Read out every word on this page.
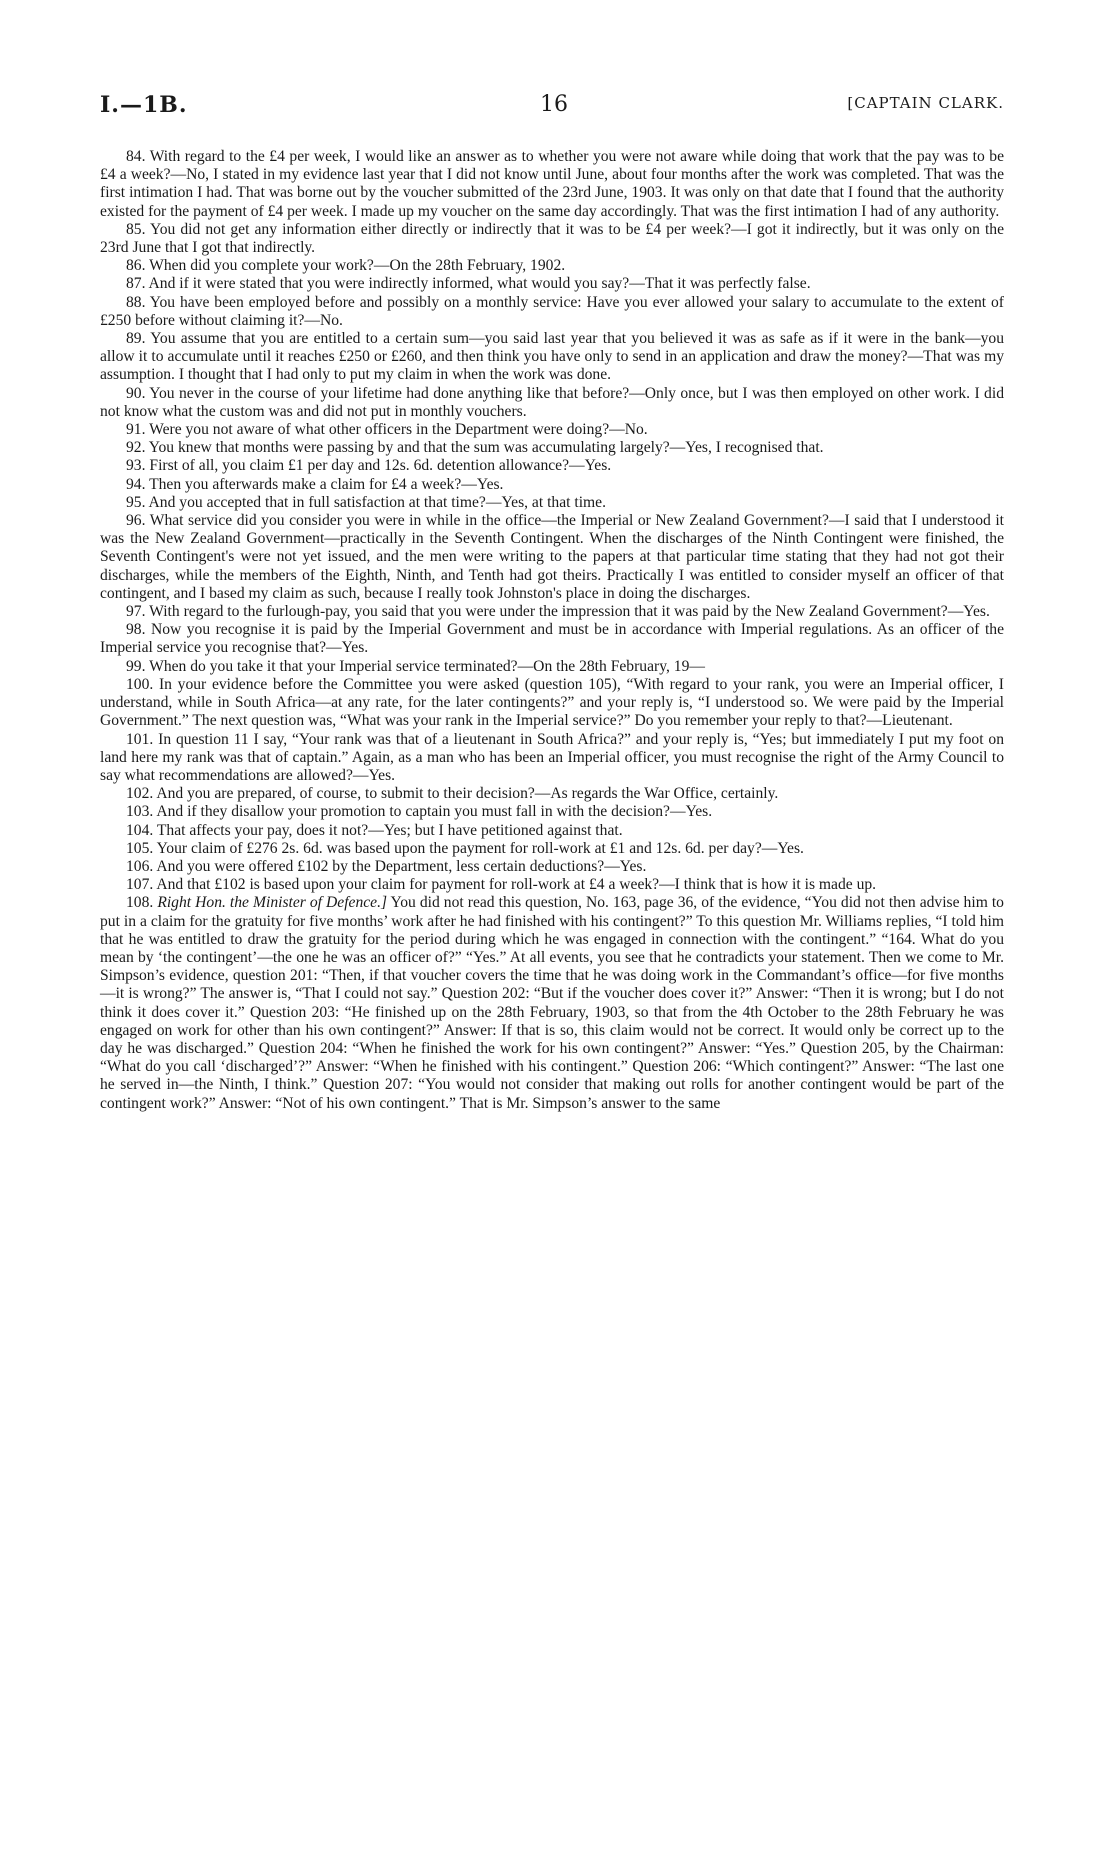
I.—1B.	16	[CAPTAIN CLARK.

84. With regard to the £4 per week, I would like an answer as to whether you were not aware while doing that work that the pay was to be £4 a week?—No, I stated in my evidence last year that I did not know until June, about four months after the work was completed. That was the first intimation I had. That was borne out by the voucher submitted of the 23rd June, 1903. It was only on that date that I found that the authority existed for the payment of £4 per week. I made up my voucher on the same day accordingly. That was the first intimation I had of any authority.

85. You did not get any information either directly or indirectly that it was to be £4 per week?—I got it indirectly, but it was only on the 23rd June that I got that indirectly.

86. When did you complete your work?—On the 28th February, 1902.

87. And if it were stated that you were indirectly informed, what would you say?—That it was perfectly false.

88. You have been employed before and possibly on a monthly service: Have you ever allowed your salary to accumulate to the extent of £250 before without claiming it?—No.

89. You assume that you are entitled to a certain sum—you said last year that you believed it was as safe as if it were in the bank—you allow it to accumulate until it reaches £250 or £260, and then think you have only to send in an application and draw the money?—That was my assumption. I thought that I had only to put my claim in when the work was done.

90. You never in the course of your lifetime had done anything like that before?—Only once, but I was then employed on other work. I did not know what the custom was and did not put in monthly vouchers.

91. Were you not aware of what other officers in the Department were doing?—No.

92. You knew that months were passing by and that the sum was accumulating largely?—Yes, I recognised that.

93. First of all, you claim £1 per day and 12s. 6d. detention allowance?—Yes.

94. Then you afterwards make a claim for £4 a week?—Yes.

95. And you accepted that in full satisfaction at that time?—Yes, at that time.

96. What service did you consider you were in while in the office—the Imperial or New Zealand Government?—I said that I understood it was the New Zealand Government—practically in the Seventh Contingent. When the discharges of the Ninth Contingent were finished, the Seventh Contingent's were not yet issued, and the men were writing to the papers at that particular time stating that they had not got their discharges, while the members of the Eighth, Ninth, and Tenth had got theirs. Practically I was entitled to consider myself an officer of that contingent, and I based my claim as such, because I really took Johnston's place in doing the discharges.

97. With regard to the furlough-pay, you said that you were under the impression that it was paid by the New Zealand Government?—Yes.

98. Now you recognise it is paid by the Imperial Government and must be in accordance with Imperial regulations. As an officer of the Imperial service you recognise that?—Yes.

99. When do you take it that your Imperial service terminated?—On the 28th February, 19—

100. In your evidence before the Committee you were asked (question 105), “With regard to your rank, you were an Imperial officer, I understand, while in South Africa—at any rate, for the later contingents?” and your reply is, “I understood so. We were paid by the Imperial Government.” The next question was, “What was your rank in the Imperial service?” Do you remember your reply to that?—Lieutenant.

101. In question 11 I say, “Your rank was that of a lieutenant in South Africa?” and your reply is, “Yes; but immediately I put my foot on land here my rank was that of captain.” Again, as a man who has been an Imperial officer, you must recognise the right of the Army Council to say what recommendations are allowed?—Yes.

102. And you are prepared, of course, to submit to their decision?—As regards the War Office, certainly.

103. And if they disallow your promotion to captain you must fall in with the decision?—Yes.

104. That affects your pay, does it not?—Yes; but I have petitioned against that.

105. Your claim of £276 2s. 6d. was based upon the payment for roll-work at £1 and 12s. 6d. per day?—Yes.

106. And you were offered £102 by the Department, less certain deductions?—Yes.

107. And that £102 is based upon your claim for payment for roll-work at £4 a week?—I think that is how it is made up.

108. Right Hon. the Minister of Defence.] You did not read this question, No. 163, page 36, of the evidence, “You did not then advise him to put in a claim for the gratuity for five months’ work after he had finished with his contingent?” To this question Mr. Williams replies, “I told him that he was entitled to draw the gratuity for the period during which he was engaged in connection with the contingent.” “164. What do you mean by ‘the contingent’—the one he was an officer of?” “Yes.” At all events, you see that he contradicts your statement. Then we come to Mr. Simpson’s evidence, question 201: “Then, if that voucher covers the time that he was doing work in the Commandant’s office—for five months—it is wrong?” The answer is, “That I could not say.” Question 202: “But if the voucher does cover it?” Answer: “Then it is wrong; but I do not think it does cover it.” Question 203: “He finished up on the 28th February, 1903, so that from the 4th October to the 28th February he was engaged on work for other than his own contingent?” Answer: If that is so, this claim would not be correct. It would only be correct up to the day he was discharged.” Question 204: “When he finished the work for his own contingent?” Answer: “Yes.” Question 205, by the Chairman: “What do you call ‘discharged’?” Answer: “When he finished with his contingent.” Question 206: “Which contingent?” Answer: “The last one he served in—the Ninth, I think.” Question 207: “You would not consider that making out rolls for another contingent would be part of the contingent work?” Answer: “Not of his own contingent.” That is Mr. Simpson’s answer to the same
